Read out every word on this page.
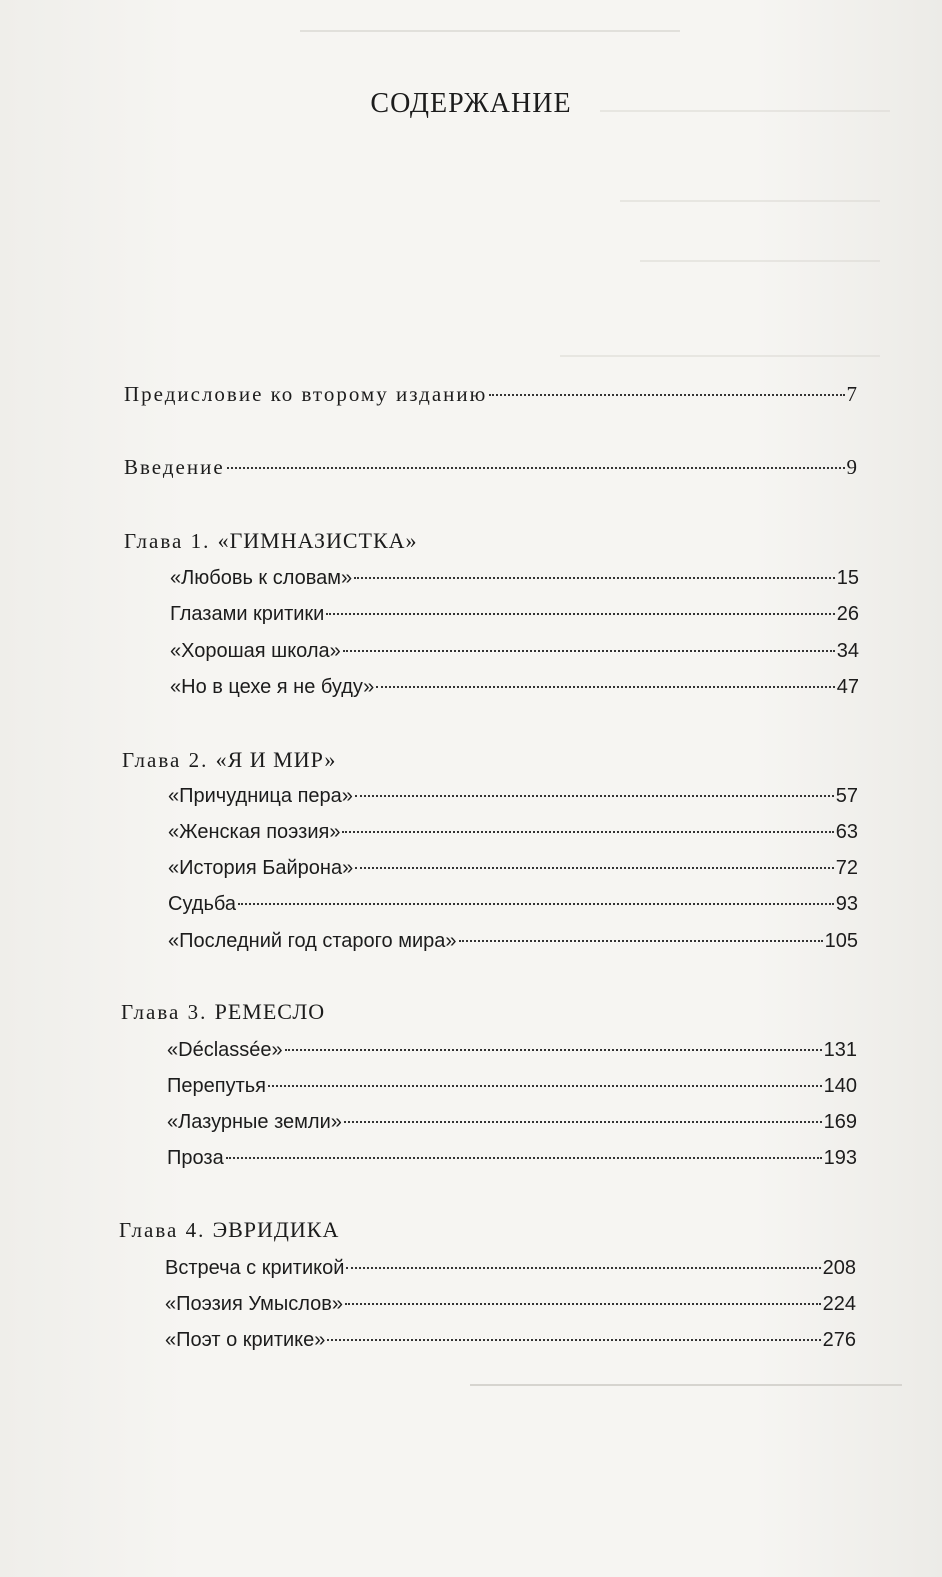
СОДЕРЖАНИЕ
Предисловие ко второму изданию	7
Введение	9
Глава 1. «ГИМНАЗИСТКА»
«Любовь к словам»	15
Глазами критики	26
«Хорошая школа»	34
«Но в цехе я не буду»	47
Глава 2. «Я И МИР»
«Причудница пера»	57
«Женская поэзия»	63
«История Байрона»	72
Судьба	93
«Последний год старого мира»	105
Глава 3. РЕМЕСЛО
«Déclassée»	131
Перепутья	140
«Лазурные земли»	169
Проза	193
Глава 4. ЭВРИДИКА
Встреча с критикой	208
«Поэзия Умыслов»	224
«Поэт о критике»	276
